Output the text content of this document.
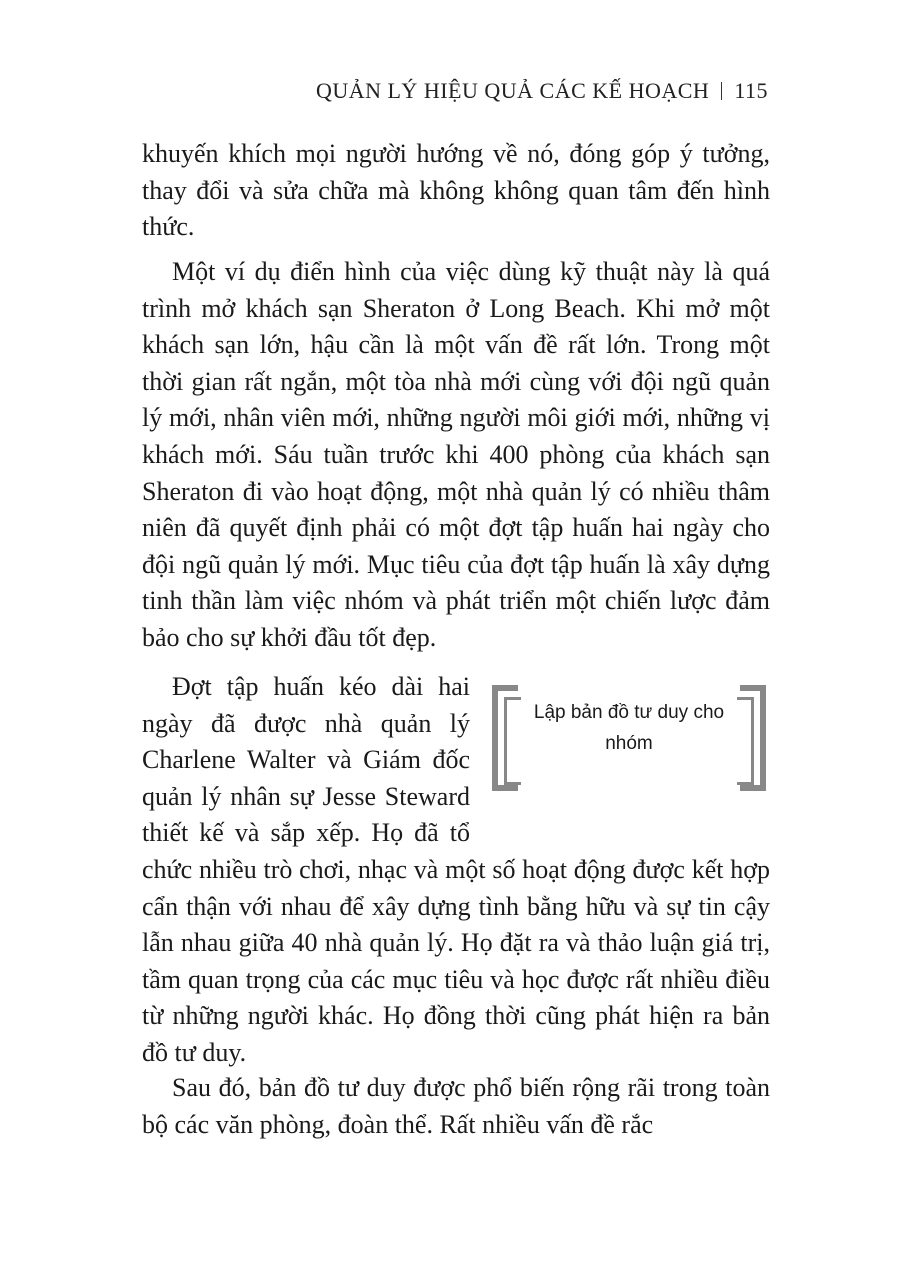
QUẢN LÝ HIỆU QUẢ CÁC KẾ HOẠCH 115

khuyến khích mọi người hướng về nó, đóng góp ý tưởng, thay đổi và sửa chữa mà không không quan tâm đến hình thức.

Một ví dụ điển hình của việc dùng kỹ thuật này là quá trình mở khách sạn Sheraton ở Long Beach. Khi mở một khách sạn lớn, hậu cần là một vấn đề rất lớn. Trong một thời gian rất ngắn, một tòa nhà mới cùng với đội ngũ quản lý mới, nhân viên mới, những người môi giới mới, những vị khách mới. Sáu tuần trước khi 400 phòng của khách sạn Sheraton đi vào hoạt động, một nhà quản lý có nhiều thâm niên đã quyết định phải có một đợt tập huấn hai ngày cho đội ngũ quản lý mới. Mục tiêu của đợt tập huấn là xây dựng tinh thần làm việc nhóm và phát triển một chiến lược đảm bảo cho sự khởi đầu tốt đẹp.

Lập bản đồ tư duy cho nhóm
Đợt tập huấn kéo dài hai ngày đã được nhà quản lý Charlene Walter và Giám đốc quản lý nhân sự Jesse Steward thiết kế và sắp xếp. Họ đã tổ chức nhiều trò chơi, nhạc và một số hoạt động được kết hợp cẩn thận với nhau để xây dựng tình bằng hữu và sự tin cậy lẫn nhau giữa 40 nhà quản lý. Họ đặt ra và thảo luận giá trị, tầm quan trọng của các mục tiêu và học được rất nhiều điều từ những người khác. Họ đồng thời cũng phát hiện ra bản đồ tư duy.

Sau đó, bản đồ tư duy được phổ biến rộng rãi trong toàn bộ các văn phòng, đoàn thể. Rất nhiều vấn đề rắc
